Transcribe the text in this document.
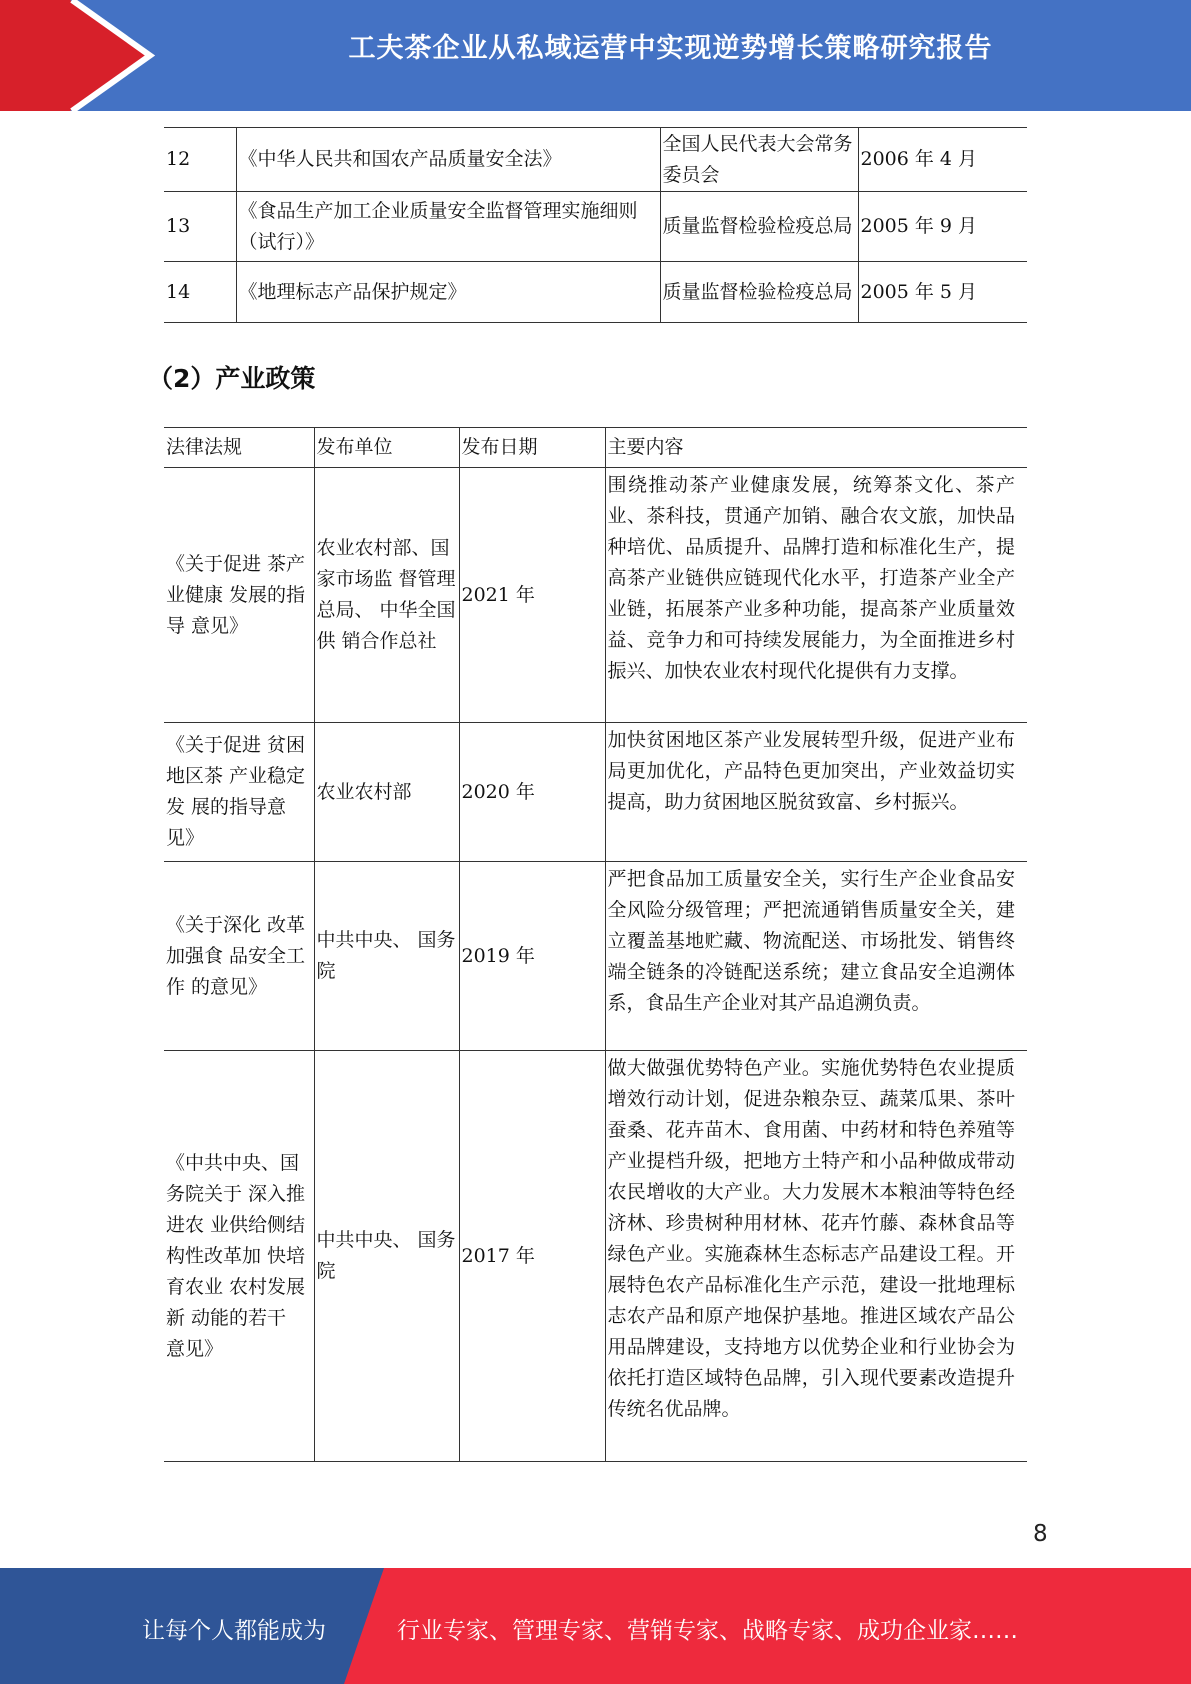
工夫茶企业从私域运营中实现逆势增长策略研究报告
12	《中华人民共和国农产品质量安全法》	全国人民代表大会常务委员会	2006 年 4 月
13	《食品生产加工企业质量安全监督管理实施细则（试行）》	质量监督检验检疫总局	2005 年 9 月
14	《地理标志产品保护规定》	质量监督检验检疫总局	2005 年 5 月
（2）产业政策
法律法规	发布单位	发布日期	主要内容
《关于促进 茶产业健康 发展的指导 意见》	农业农村部、国家市场监 督管理总局、 中华全国供 销合作总社	2021 年	围绕推动茶产业健康发展，统筹茶文化、茶产业、茶科技，贯通产加销、融合农文旅，加快品种培优、品质提升、品牌打造和标准化生产，提高茶产业链供应链现代化水平，打造茶产业全产业链，拓展茶产业多种功能，提高茶产业质量效益、竞争力和可持续发展能力，为全面推进乡村振兴、加快农业农村现代化提供有力支撑。
《关于促进 贫困地区茶 产业稳定发 展的指导意 见》	农业农村部	2020 年	加快贫困地区茶产业发展转型升级，促进产业布局更加优化，产品特色更加突出，产业效益切实提高，助力贫困地区脱贫致富、乡村振兴。
《关于深化 改革加强食 品安全工作 的意见》	中共中央、 国务院	2019 年	严把食品加工质量安全关，实行生产企业食品安全风险分级管理；严把流通销售质量安全关，建立覆盖基地贮藏、物流配送、市场批发、销售终端全链条的冷链配送系统；建立食品安全追溯体系，食品生产企业对其产品追溯负责。
《中共中央、国务院关于 深入推进农 业供给侧结 构性改革加 快培育农业 农村发展新 动能的若干 意见》	中共中央、 国务院	2017 年	做大做强优势特色产业。实施优势特色农业提质增效行动计划，促进杂粮杂豆、蔬菜瓜果、茶叶蚕桑、花卉苗木、食用菌、中药材和特色养殖等产业提档升级，把地方土特产和小品种做成带动农民增收的大产业。大力发展木本粮油等特色经济林、珍贵树种用材林、花卉竹藤、森林食品等绿色产业。实施森林生态标志产品建设工程。开展特色农产品标准化生产示范，建设一批地理标志农产品和原产地保护基地。推进区域农产品公用品牌建设，支持地方以优势企业和行业协会为依托打造区域特色品牌，引入现代要素改造提升传统名优品牌。
8
让每个人都能成为	行业专家、管理专家、营销专家、战略专家、成功企业家……
